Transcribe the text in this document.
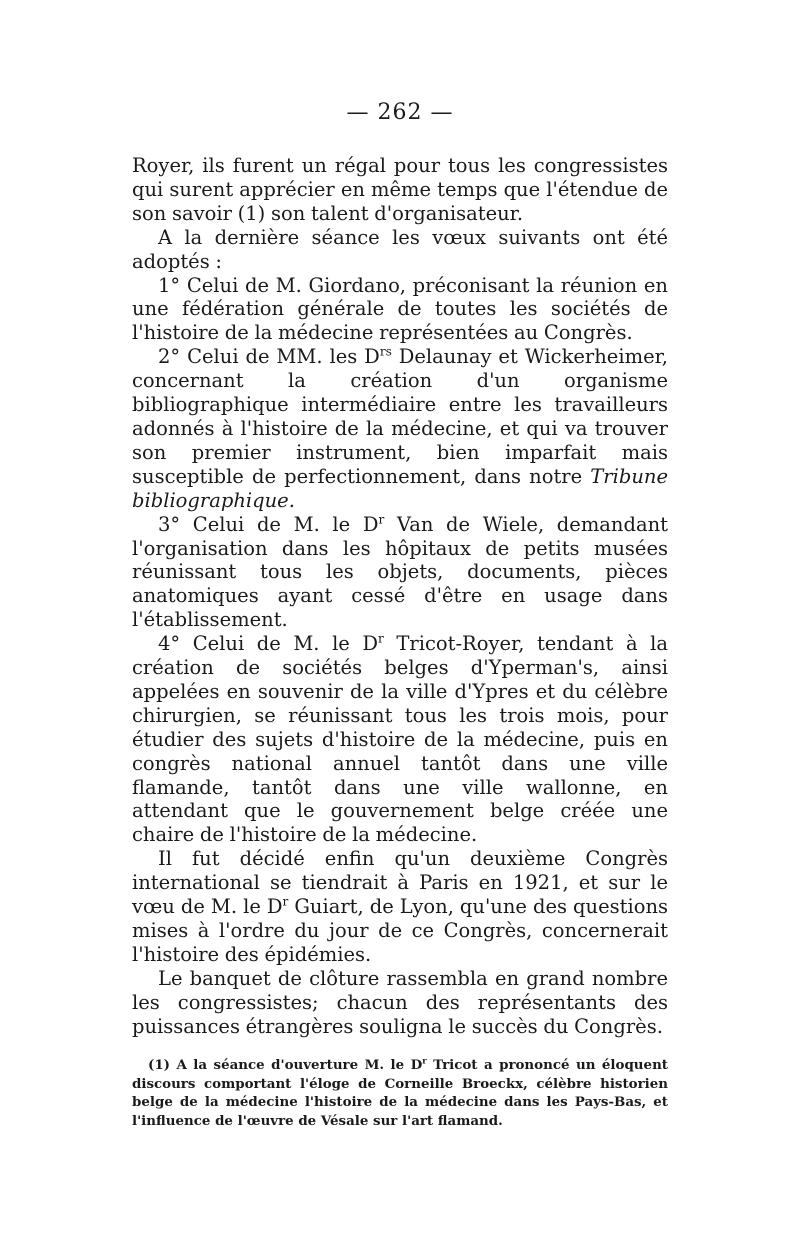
— 262 —

Royer, ils furent un régal pour tous les congressistes qui surent apprécier en même temps que l'étendue de son savoir (1) son talent d'organisateur.

A la dernière séance les vœux suivants ont été adoptés :

1° Celui de M. Giordano, préconisant la réunion en une fédération générale de toutes les sociétés de l'histoire de la médecine représentées au Congrès.

2° Celui de MM. les $D^{rs}$ Delaunay et Wickerheimer, concernant la création d'un organisme bibliographique intermédiaire entre les travailleurs adonnés à l'histoire de la médecine, et qui va trouver son premier instrument, bien imparfait mais susceptible de perfectionnement, dans notre Tribune bibliographique.

3° Celui de M. le $D^r$ Van de Wiele, demandant l'organisation dans les hôpitaux de petits musées réunissant tous les objets, documents, pièces anatomiques ayant cessé d'être en usage dans l'établissement.

4° Celui de M. le $D^r$ Tricot-Royer, tendant à la création de sociétés belges d'Yperman's, ainsi appelées en souvenir de la ville d'Ypres et du célèbre chirurgien, se réunissant tous les trois mois, pour étudier des sujets d'histoire de la médecine, puis en congrès national annuel tantôt dans une ville flamande, tantôt dans une ville wallonne, en attendant que le gouvernement belge créée une chaire de l'histoire de la médecine.

Il fut décidé enfin qu'un deuxième Congrès international se tiendrait à Paris en 1921, et sur le vœu de M. le $D^r$ Guiart, de Lyon, qu'une des questions mises à l'ordre du jour de ce Congrès, concernerait l'histoire des épidémies.

Le banquet de clôture rassembla en grand nombre les congressistes; chacun des représentants des puissances étrangères souligna le succès du Congrès.

(1) A la séance d'ouverture M. le $D^r$ Tricot a prononcé un éloquent discours comportant l'éloge de Corneille Broeckx, célèbre historien belge de la médecine l'histoire de la médecine dans les Pays-Bas, et l'influence de l'œuvre de Vésale sur l'art flamand.
